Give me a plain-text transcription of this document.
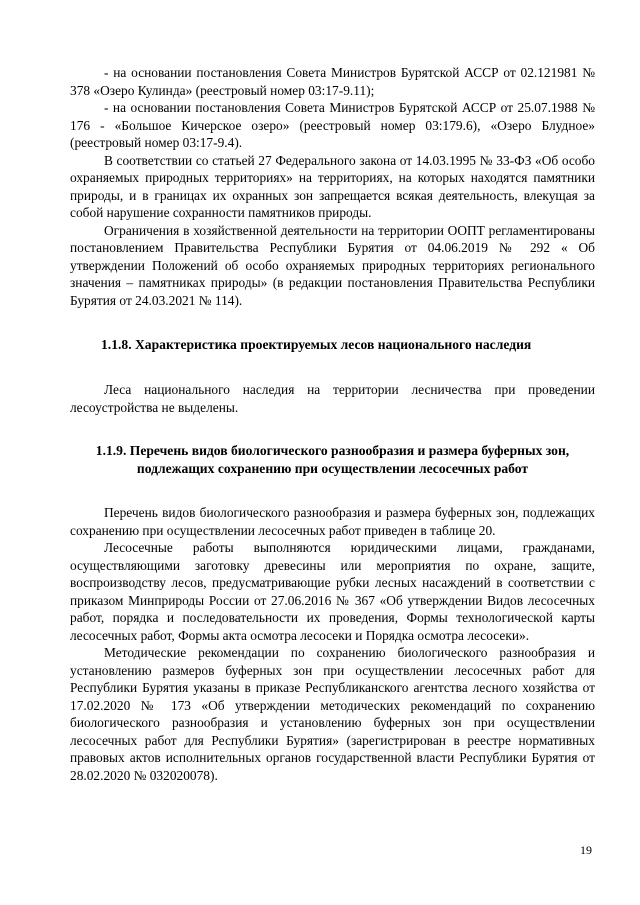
- на основании постановления Совета Министров Бурятской АССР от 02.121981 № 378 «Озеро Кулинда» (реестровый номер 03:17-9.11);

- на основании постановления Совета Министров Бурятской АССР от 25.07.1988 № 176 - «Большое Кичерское озеро» (реестровый номер 03:179.6), «Озеро Блудное» (реестровый номер 03:17-9.4).

В соответствии со статьей 27 Федерального закона от 14.03.1995 № 33-ФЗ «Об особо охраняемых природных территориях» на территориях, на которых находятся памятники природы, и в границах их охранных зон запрещается всякая деятельность, влекущая за собой нарушение сохранности памятников природы.

Ограничения в хозяйственной деятельности на территории ООПТ регламентированы постановлением Правительства Республики Бурятия от 04.06.2019 № 292 « Об утверждении Положений об особо охраняемых природных территориях регионального значения – памятниках природы» (в редакции постановления Правительства Республики Бурятия от 24.03.2021 № 114).

1.1.8. Характеристика проектируемых лесов национального наследия

Леса национального наследия на территории лесничества при проведении лесоустройства не выделены.

1.1.9. Перечень видов биологического разнообразия и размера буферных зон, подлежащих сохранению при осуществлении лесосечных работ

Перечень видов биологического разнообразия и размера буферных зон, подлежащих сохранению при осуществлении лесосечных работ приведен в таблице 20.

Лесосечные работы выполняются юридическими лицами, гражданами, осуществляющими заготовку древесины или мероприятия по охране, защите, воспроизводству лесов, предусматривающие рубки лесных насаждений в соответствии с приказом Минприроды России от 27.06.2016 № 367 «Об утверждении Видов лесосечных работ, порядка и последовательности их проведения, Формы технологической карты лесосечных работ, Формы акта осмотра лесосеки и Порядка осмотра лесосеки».

Методические рекомендации по сохранению биологического разнообразия и установлению размеров буферных зон при осуществлении лесосечных работ для Республики Бурятия указаны в приказе Республиканского агентства лесного хозяйства от 17.02.2020 № 173 «Об утверждении методических рекомендаций по сохранению биологического разнообразия и установлению буферных зон при осуществлении лесосечных работ для Республики Бурятия» (зарегистрирован в реестре нормативных правовых актов исполнительных органов государственной власти Республики Бурятия от 28.02.2020 № 032020078).

19
